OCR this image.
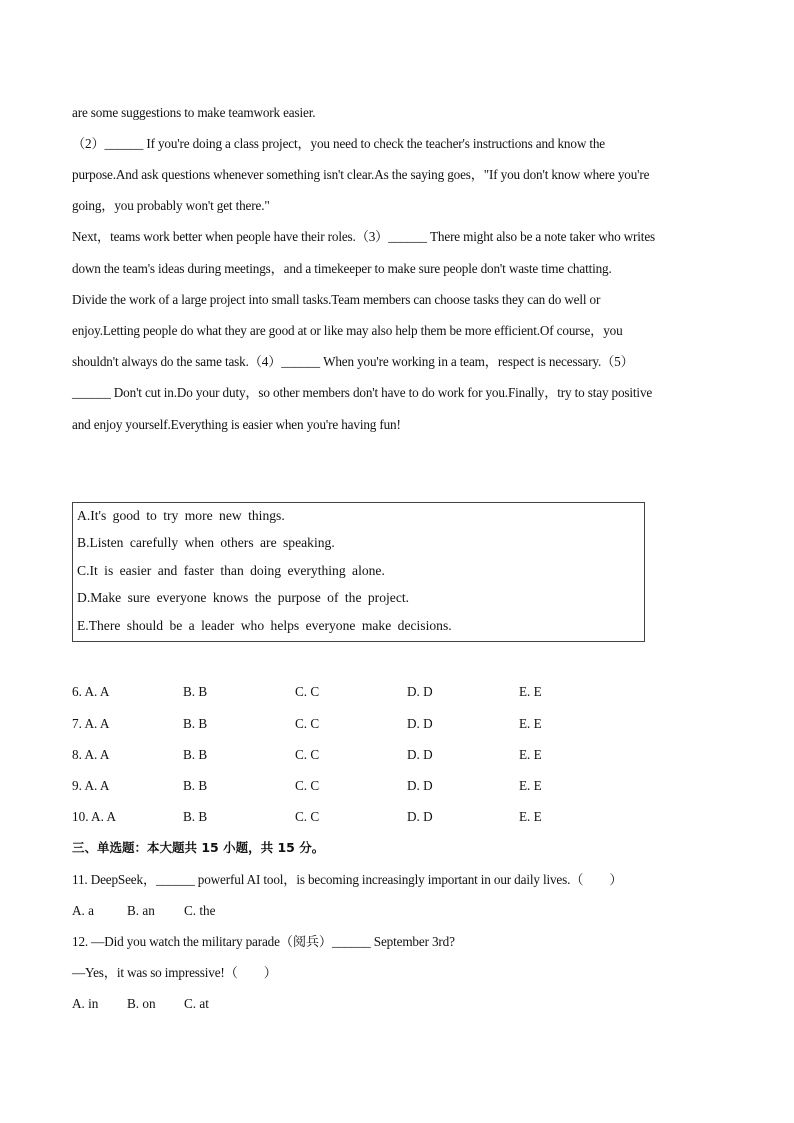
are some suggestions to make teamwork easier.
（2）______ If you're doing a class project，you need to check the teacher's instructions and know the
purpose.And ask questions whenever something isn't clear.As the saying goes，"If you don't know where you're
going，you probably won't get there."
Next，teams work better when people have their roles.（3）______ There might also be a note taker who writes
down the team's ideas during meetings，and a timekeeper to make sure people don't waste time chatting.
Divide the work of a large project into small tasks.Team members can choose tasks they can do well or
enjoy.Letting people do what they are good at or like may also help them be more efficient.Of course，you
shouldn't always do the same task.（4）______ When you're working in a team，respect is necessary.（5）
______ Don't cut in.Do your duty，so other members don't have to do work for you.Finally，try to stay positive
and enjoy yourself.Everything is easier when you're having fun!
A.It's good to try more new things.
B.Listen carefully when others are speaking.
C.It is easier and faster than doing everything alone.
D.Make sure everyone knows the purpose of the project.
E.There should be a leader who helps everyone make decisions.
6. A. A	B. B	C. C	D. D	E. E
7. A. A	B. B	C. C	D. D	E. E
8. A. A	B. B	C. C	D. D	E. E
9. A. A	B. B	C. C	D. D	E. E
10. A. A	B. B	C. C	D. D	E. E
三、单选题：本大题共 15 小题，共 15 分。
11. DeepSeek，______ powerful AI tool，is becoming increasingly important in our daily lives.（　　）
A. a	B. an C. the
12. —Did you watch the military parade（阅兵）______ September 3rd?
—Yes，it was so impressive!（　　）
A. in B. on C. at
